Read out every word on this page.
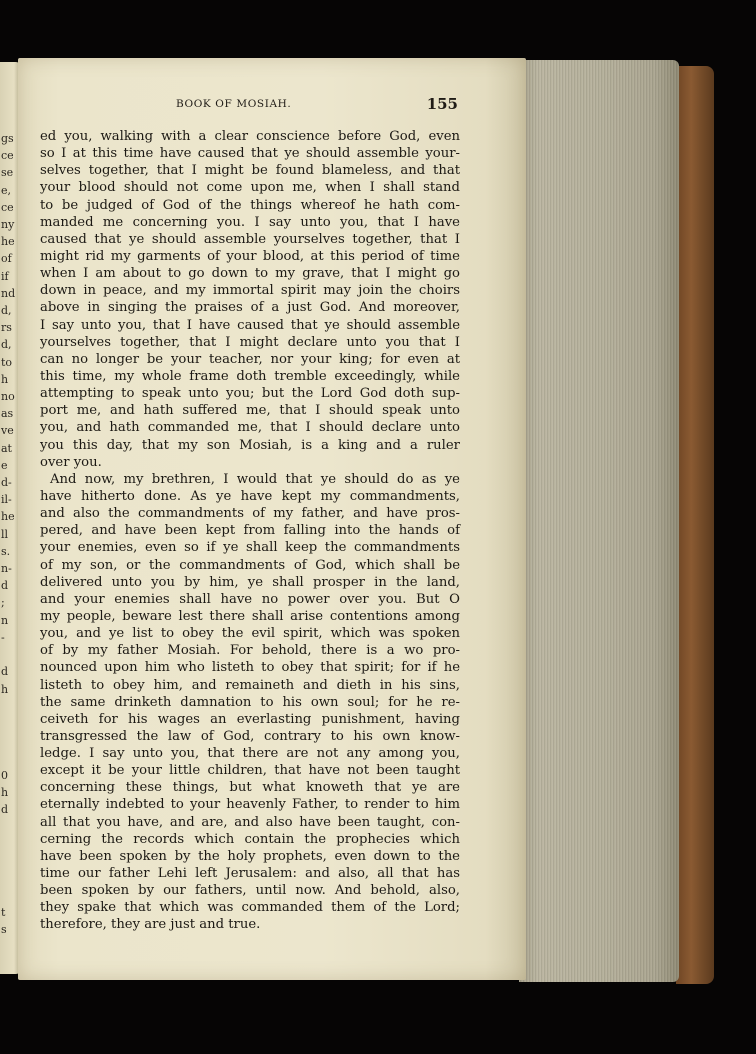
gs
ce
se
e,
ce
ny
he
of
if
nd
d,
rs
d,
to
h
no
as
ve
at
e
d-
il-
he
ll
s.
n-
d
;
n
-

d
h

0
h
d

t
s
BOOK OF MOSIAH.	155
ed you, walking with a clear conscience before God, even
so I at this time have caused that ye should assemble your-
selves together, that I might be found blameless, and that
your blood should not come upon me, when I shall stand
to be judged of God of the things whereof he hath com-
manded me concerning you. I say unto you, that I have
caused that ye should assemble yourselves together, that I
might rid my garments of your blood, at this period of time
when I am about to go down to my grave, that I might go
down in peace, and my immortal spirit may join the choirs
above in singing the praises of a just God. And moreover,
I say unto you, that I have caused that ye should assemble
yourselves together, that I might declare unto you that I
can no longer be your teacher, nor your king; for even at
this time, my whole frame doth tremble exceedingly, while
attempting to speak unto you; but the Lord God doth sup-
port me, and hath suffered me, that I should speak unto
you, and hath commanded me, that I should declare unto
you this day, that my son Mosiah, is a king and a ruler
over you.
And now, my brethren, I would that ye should do as ye
have hitherto done. As ye have kept my commandments,
and also the commandments of my father, and have pros-
pered, and have been kept from falling into the hands of
your enemies, even so if ye shall keep the commandments
of my son, or the commandments of God, which shall be
delivered unto you by him, ye shall prosper in the land,
and your enemies shall have no power over you. But O
my people, beware lest there shall arise contentions among
you, and ye list to obey the evil spirit, which was spoken
of by my father Mosiah. For behold, there is a wo pro-
nounced upon him who listeth to obey that spirit; for if he
listeth to obey him, and remaineth and dieth in his sins,
the same drinketh damnation to his own soul; for he re-
ceiveth for his wages an everlasting punishment, having
transgressed the law of God, contrary to his own know-
ledge. I say unto you, that there are not any among you,
except it be your little children, that have not been taught
concerning these things, but what knoweth that ye are
eternally indebted to your heavenly Father, to render to him
all that you have, and are, and also have been taught, con-
cerning the records which contain the prophecies which
have been spoken by the holy prophets, even down to the
time our father Lehi left Jerusalem: and also, all that has
been spoken by our fathers, until now. And behold, also,
they spake that which was commanded them of the Lord;
therefore, they are just and true.
